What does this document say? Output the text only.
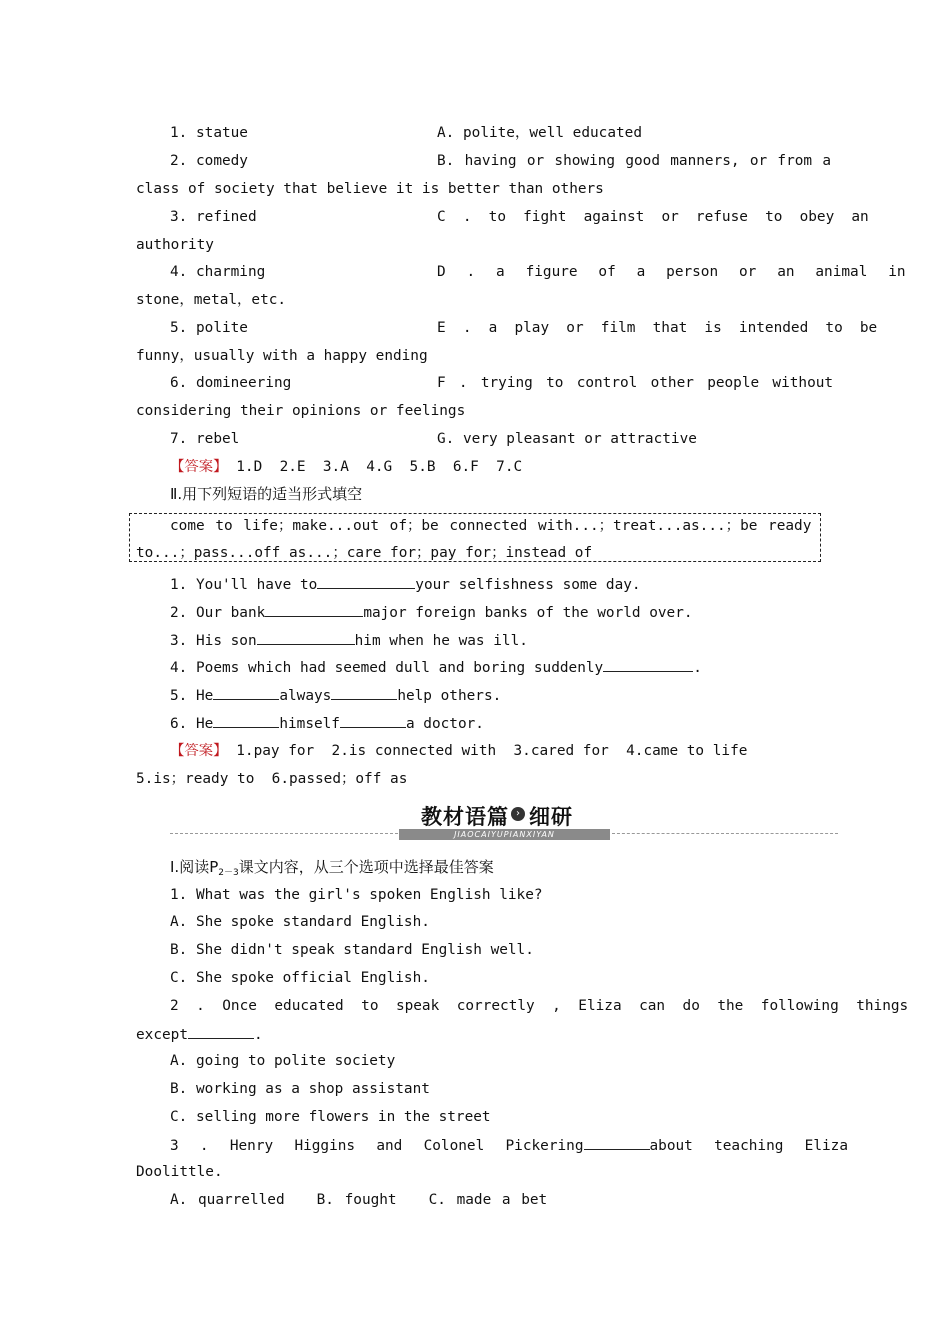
1. statue	A. polite，well educated
2. comedy	B. having or showing good manners, or from a
class of society that believe it is better than others
3. refined	C . to fight against or refuse to obey an
authority
4. charming	D . a figure of a person or an animal in
stone，metal，etc.
5. polite	E . a play or film that is intended to be
funny，usually with a happy ending
6. domineering	F . trying to control other people without
considering their opinions or feelings
7. rebel	G. very pleasant or attractive
【答案】 1.D  2.E  3.A  4.G  5.B  6.F  7.C
Ⅱ.用下列短语的适当形式填空
come to life；make...out of；be connected with...；treat...as...；be ready
to...；pass...off as...；care for；pay for；instead of
1. You'll have to	your selfishness some day.
2. Our bank	major foreign banks of the world over.
3. His son	him when he was ill.
4. Poems which had seemed dull and boring suddenly	.
5. He	always	help others.
6. He	himself	a doctor.
【答案】 1.pay for  2.is connected with  3.cared for  4.came to life
5.is；ready to  6.passed；off as
教材语篇 › 细研
JIAOCAIYUPIANXIYAN
Ⅰ.阅读$P_{2-3}$课文内容，从三个选项中选择最佳答案
1. What was the girl's spoken English like?
A. She spoke standard English.
B. She didn't speak standard English well.
C. She spoke official English.
2 . Once educated to speak correctly , Eliza can do the following things
except	.
A. going to polite society
B. working as a shop assistant
C. selling more flowers in the street
3 . Henry Higgins and Colonel Pickering	about teaching Eliza
Doolittle.
A. quarrelled   B. fought   C. made a bet
